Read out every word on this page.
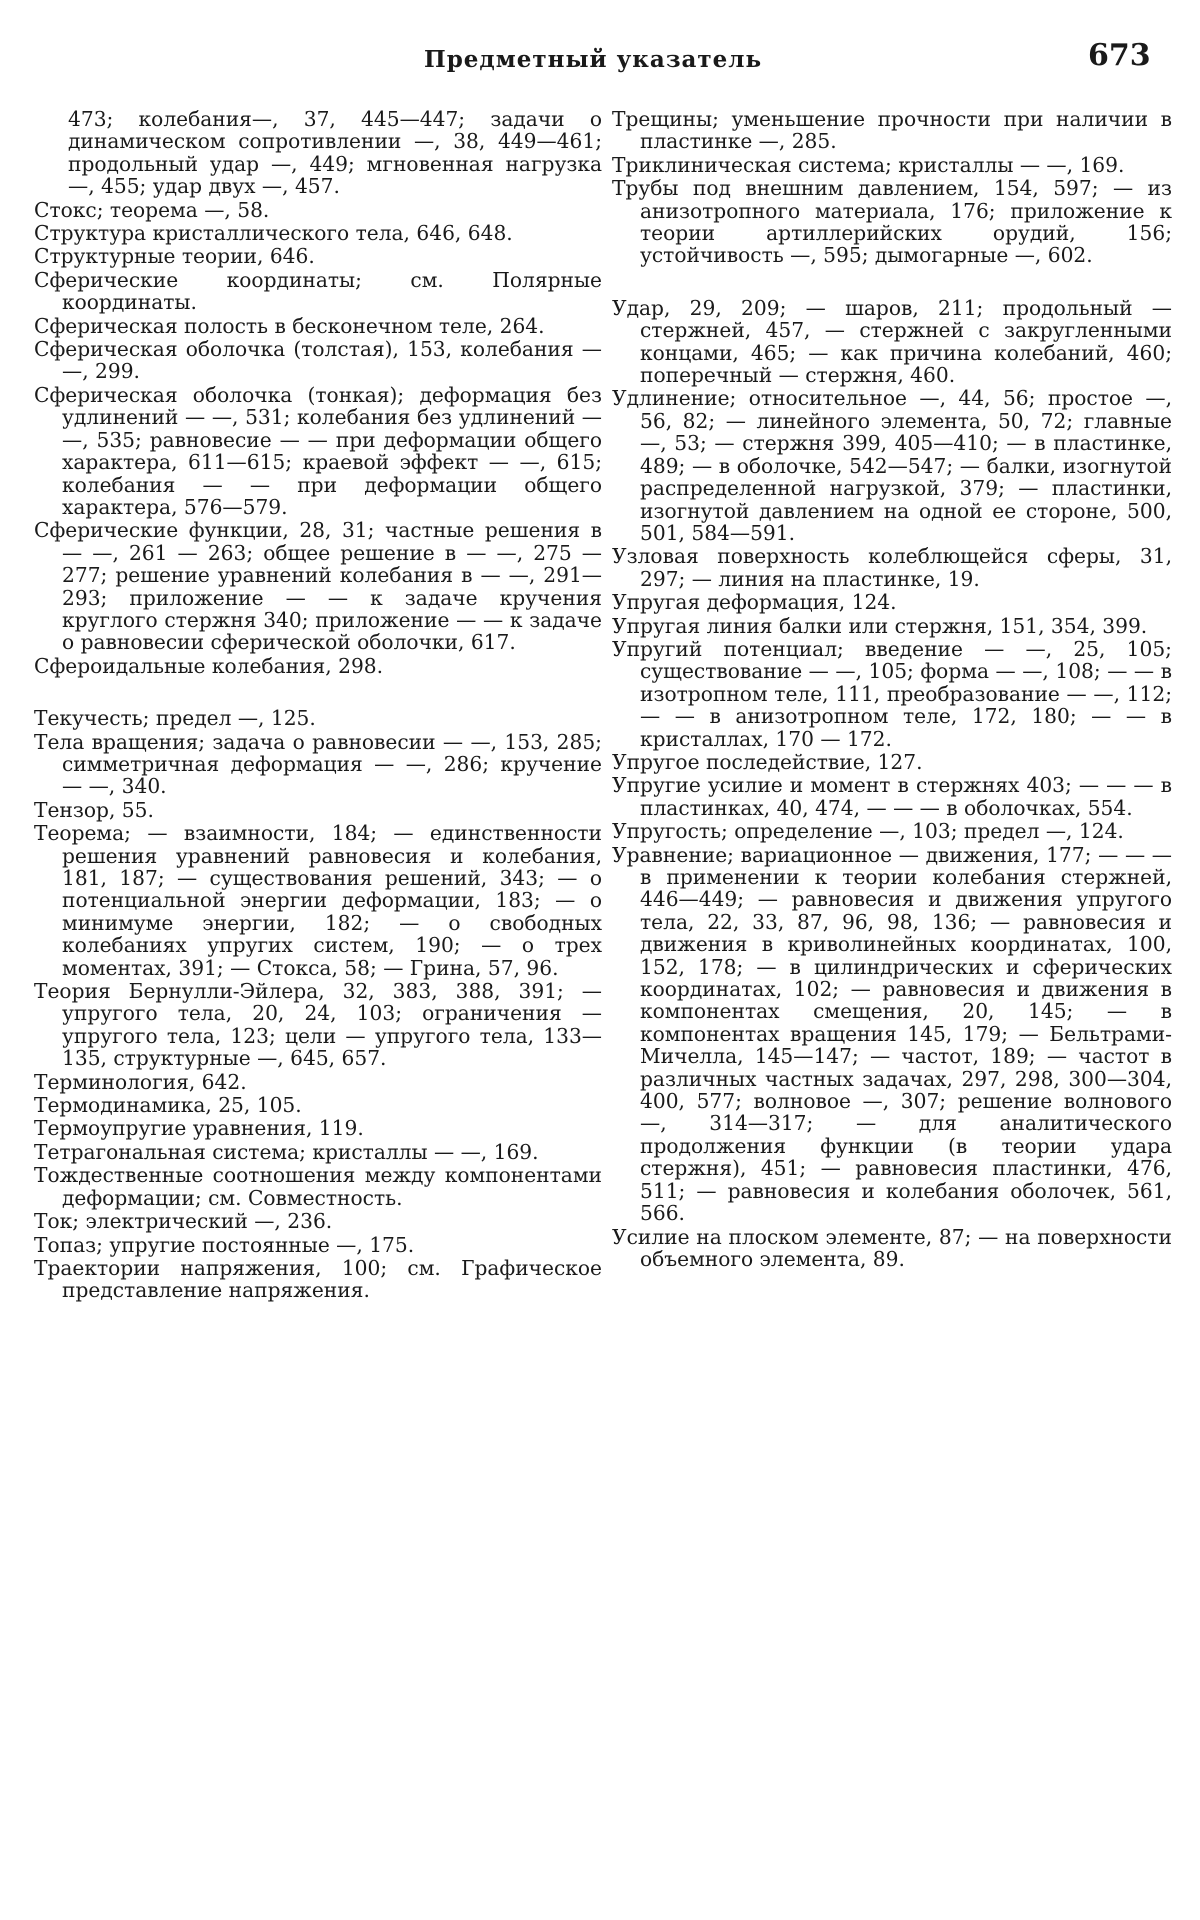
Предметный указатель	673

473; колебания—, 37, 445—447; задачи о динамическом сопротивлении —, 38, 449—461; продольный удар —, 449; мгновенная нагрузка —, 455; удар двух —, 457.

Стокс; теорема —, 58.

Структура кристаллического тела, 646, 648.

Структурные теории, 646.

Сферические координаты; см. Полярные координаты.

Сферическая полость в бесконечном теле, 264.

Сферическая оболочка (толстая), 153, колебания — —, 299.

Сферическая оболочка (тонкая); деформация без удлинений — —, 531; колебания без удлинений — —, 535; равновесие — — при деформации общего характера, 611—615; краевой эффект — —, 615; колебания — — при деформации общего характера, 576—579.

Сферические функции, 28, 31; частные решения в — —, 261 — 263; общее решение в — —, 275 —277; решение уравнений колебания в — —, 291—293; приложение — — к задаче кручения круглого стержня 340; приложение — — к задаче о равновесии сферической оболочки, 617.

Сфероидальные колебания, 298.

Текучесть; предел —, 125.

Тела вращения; задача о равновесии — —, 153, 285; симметричная деформация — —, 286; кручение — —, 340.

Тензор, 55.

Теорема; — взаимности, 184; — единственности решения уравнений равновесия и колебания, 181, 187; — существования решений, 343; — о потенциальной энергии деформации, 183; — о минимуме энергии, 182; — о свободных колебаниях упругих систем, 190; — о трех моментах, 391; — Стокса, 58; — Грина, 57, 96.

Теория Бернулли-Эйлера, 32, 383, 388, 391; — упругого тела, 20, 24, 103; ограничения — упругого тела, 123; цели — упругого тела, 133—135, структурные —, 645, 657.

Терминология, 642.

Термодинамика, 25, 105.

Термоупругие уравнения, 119.

Тетрагональная система; кристаллы — —, 169.

Тождественные соотношения между компонентами деформации; см. Совместность.

Ток; электрический —, 236.

Топаз; упругие постоянные —, 175.

Траектории напряжения, 100; см. Графическое представление напряжения.

Трещины; уменьшение прочности при наличии в пластинке —, 285.

Триклиническая система; кристаллы — —, 169.

Трубы под внешним давлением, 154, 597; — из анизотропного материала, 176; приложение к теории артиллерийских орудий, 156; устойчивость —, 595; дымогарные —, 602.

Удар, 29, 209; — шаров, 211; продольный — стержней, 457, — стержней с закругленными концами, 465; — как причина колебаний, 460; поперечный — стержня, 460.

Удлинение; относительное —, 44, 56; простое —, 56, 82; — линейного элемента, 50, 72; главные —, 53; — стержня 399, 405—410; — в пластинке, 489; — в оболочке, 542—547; — балки, изогнутой распределенной нагрузкой, 379; — пластинки, изогнутой давлением на одной ее стороне, 500, 501, 584—591.

Узловая поверхность колеблющейся сферы, 31, 297; — линия на пластинке, 19.

Упругая деформация, 124.

Упругая линия балки или стержня, 151, 354, 399.

Упругий потенциал; введение — —, 25, 105; существование — —, 105; форма — —, 108; — — в изотропном теле, 111, преобразование — —, 112; — — в анизотропном теле, 172, 180; — — в кристаллах, 170 — 172.

Упругое последействие, 127.

Упругие усилие и момент в стержнях 403; — — — в пластинках, 40, 474, — — — в оболочках, 554.

Упругость; определение —, 103; предел —, 124.

Уравнение; вариационное — движения, 177; — — — в применении к теории колебания стержней, 446—449; — равновесия и движения упругого тела, 22, 33, 87, 96, 98, 136; — равновесия и движения в криволинейных координатах, 100, 152, 178; — в цилиндрических и сферических координатах, 102; — равновесия и движения в компонентах смещения, 20, 145; — в компонентах вращения 145, 179; — Бельтрами-Мичелла, 145—147; — частот, 189; — частот в различных частных задачах, 297, 298, 300—304, 400, 577; волновое —, 307; решение волнового —, 314—317; — для аналитического продолжения функции (в теории удара стержня), 451; — равновесия пластинки, 476, 511; — равновесия и колебания оболочек, 561, 566.

Усилие на плоском элементе, 87; — на поверхности объемного элемента, 89.
